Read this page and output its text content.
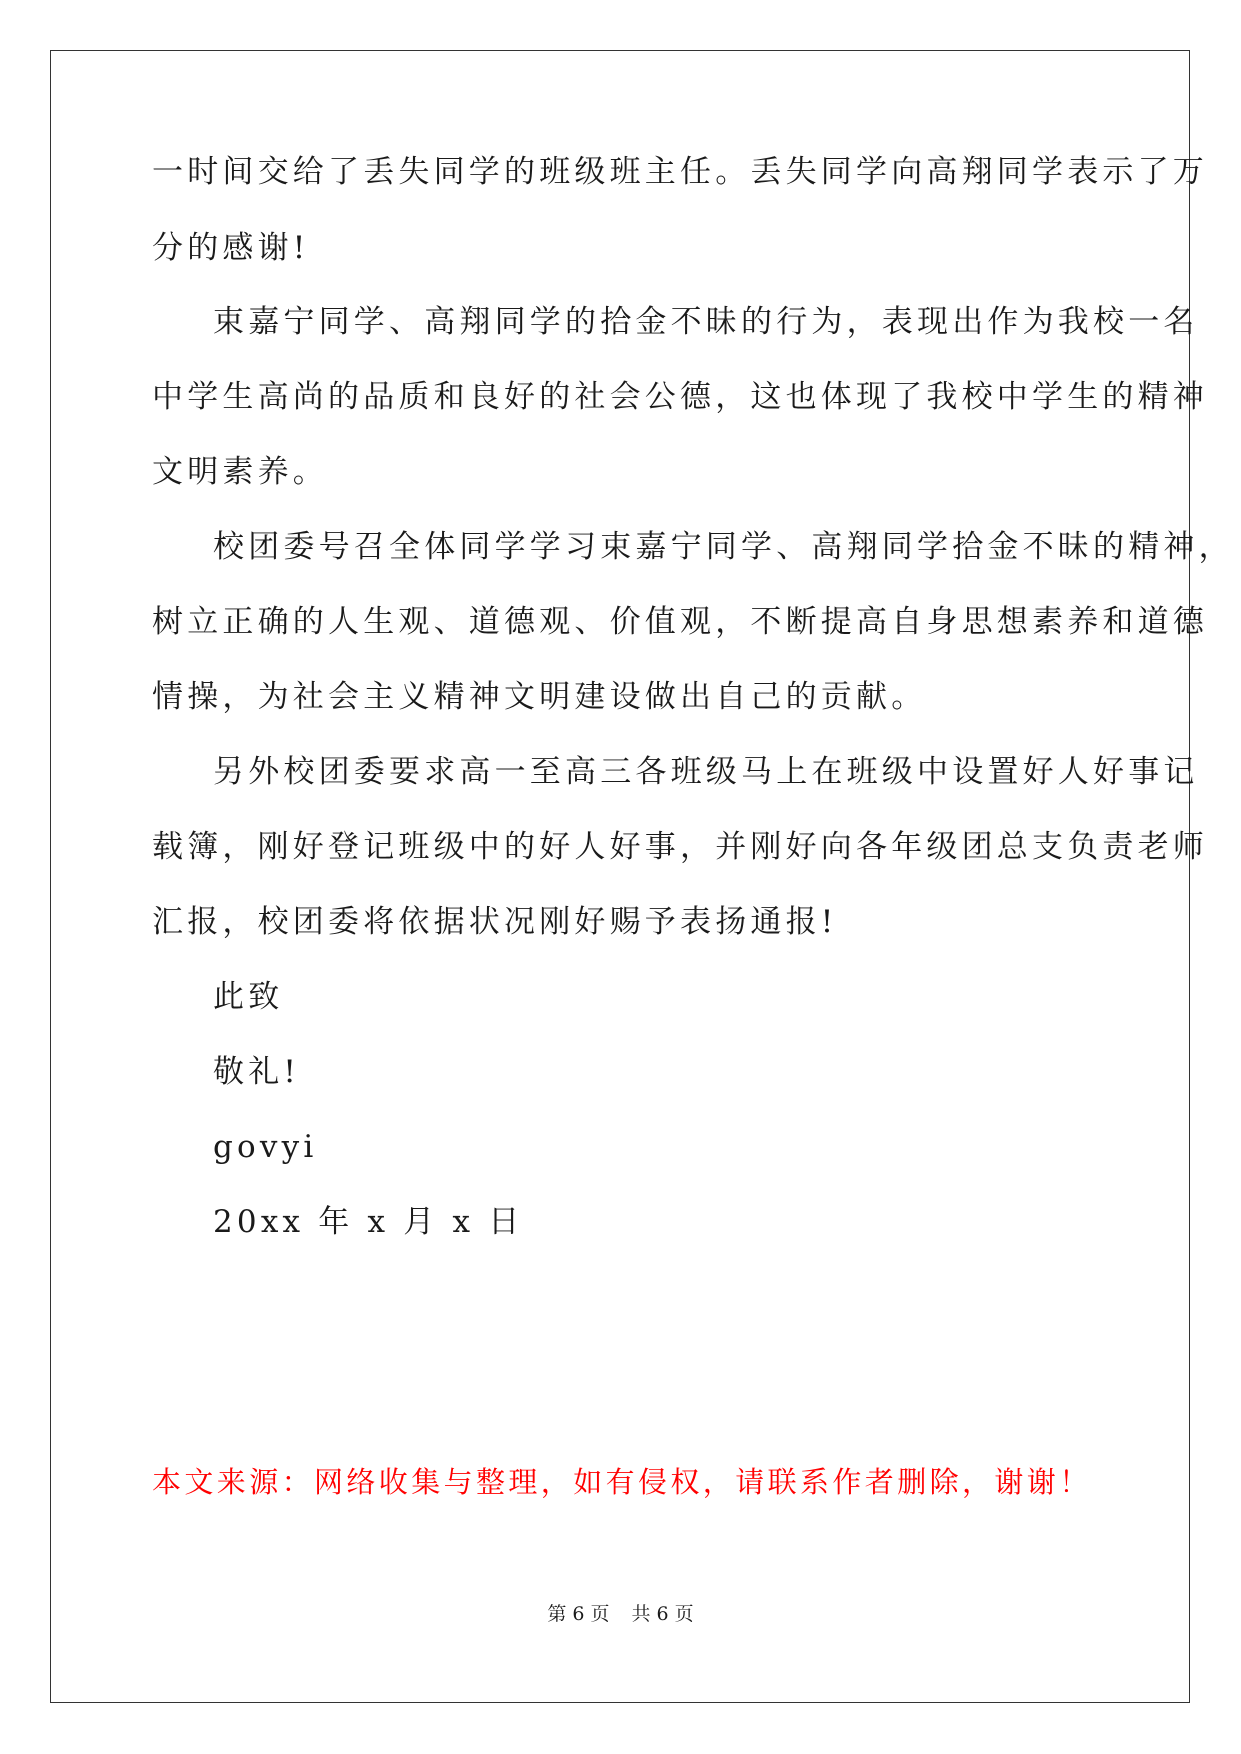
一时间交给了丢失同学的班级班主任。丢失同学向高翔同学表示了万
分的感谢!
束嘉宁同学、高翔同学的拾金不昧的行为，表现出作为我校一名
中学生高尚的品质和良好的社会公德，这也体现了我校中学生的精神
文明素养。
校团委号召全体同学学习束嘉宁同学、高翔同学拾金不昧的精神，
树立正确的人生观、道德观、价值观，不断提高自身思想素养和道德
情操，为社会主义精神文明建设做出自己的贡献。
另外校团委要求高一至高三各班级马上在班级中设置好人好事记
载簿，刚好登记班级中的好人好事，并刚好向各年级团总支负责老师
汇报，校团委将依据状况刚好赐予表扬通报!
此致
敬礼!
govyi
20xx 年 x 月 x 日
本文来源：网络收集与整理，如有侵权，请联系作者删除，谢谢！
第 6 页 共 6 页
